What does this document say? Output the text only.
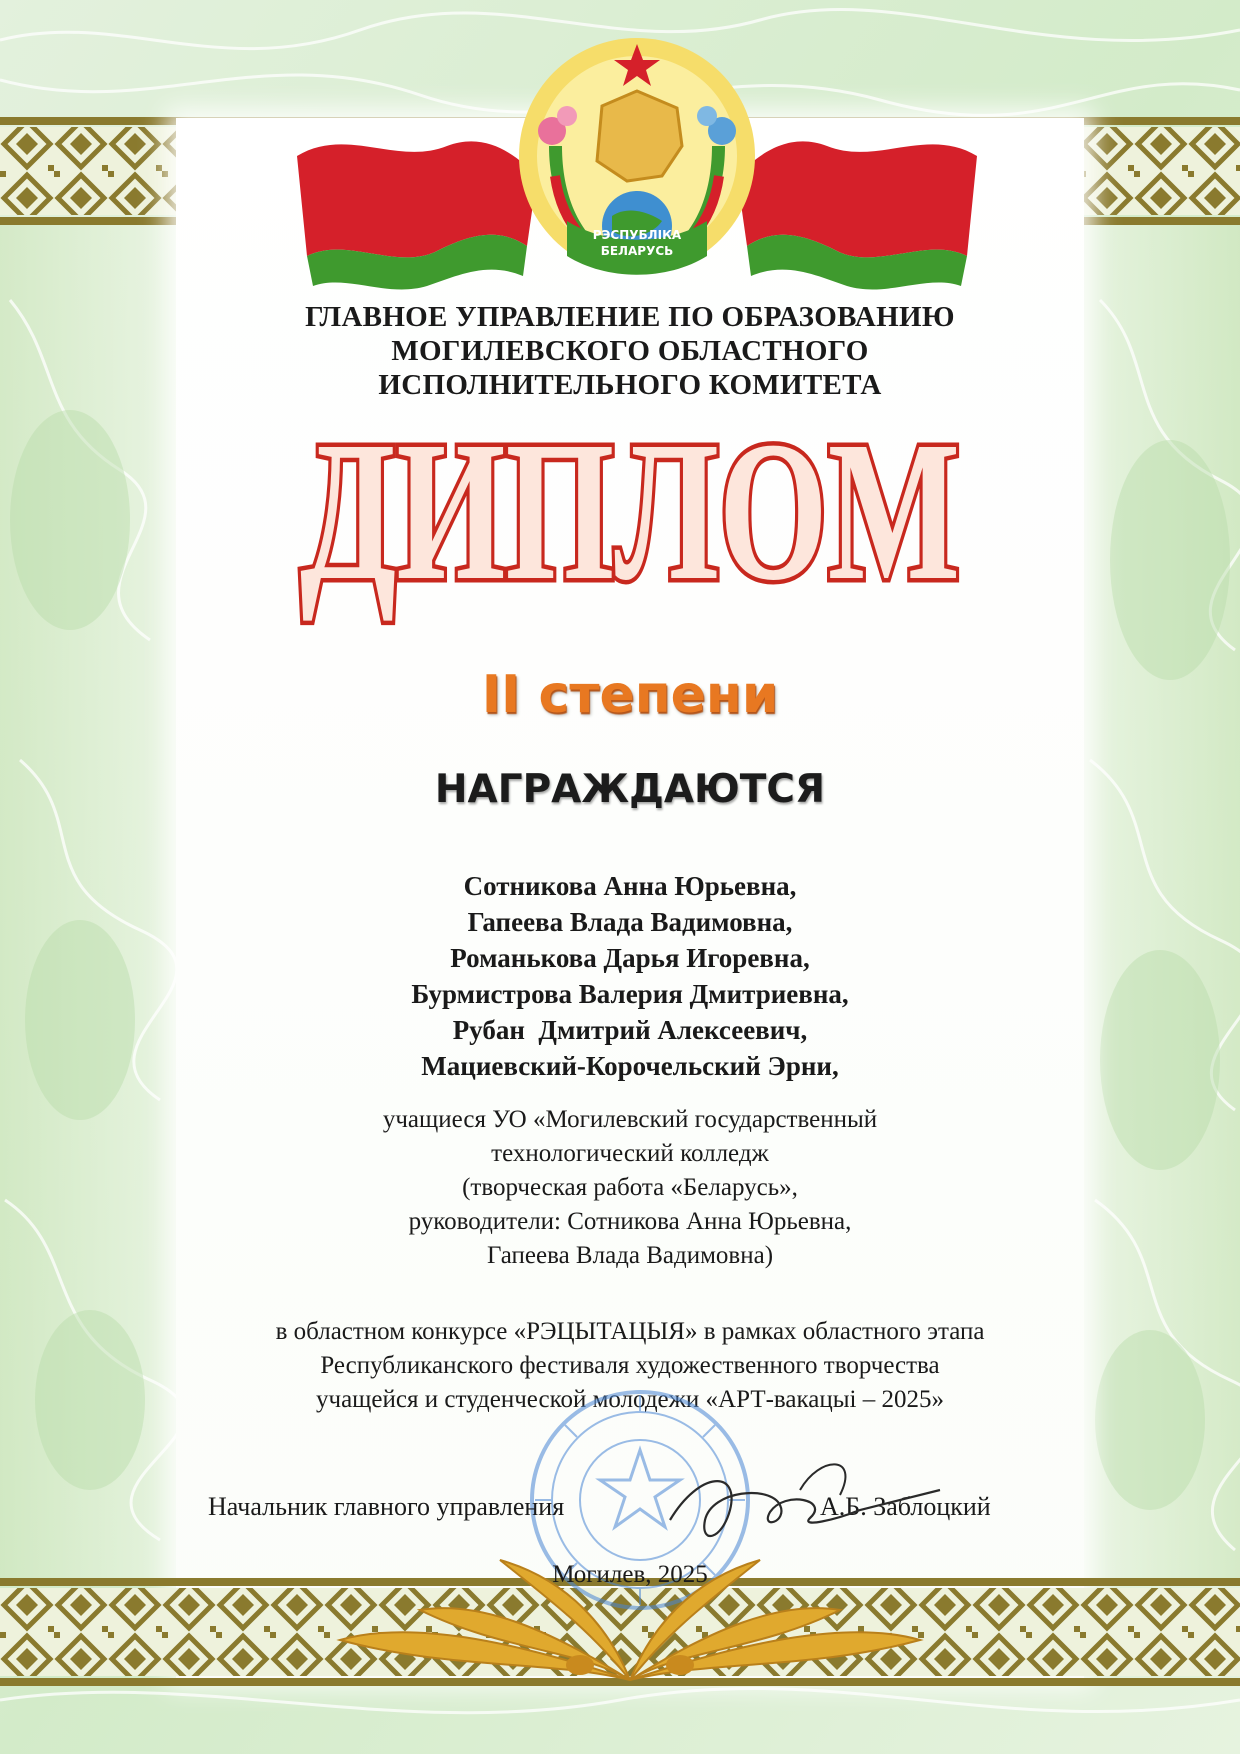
РЭСПУБЛІКА
БЕЛАРУСЬ
ГЛАВНОЕ УПРАВЛЕНИЕ ПО ОБРАЗОВАНИЮ
МОГИЛЕВСКОГО ОБЛАСТНОГО
ИСПОЛНИТЕЛЬНОГО КОМИТЕТА
ДИПЛОМ
II степени
НАГРАЖДАЮТСЯ
Сотникова Анна Юрьевна,
Гапеева Влада Вадимовна,
Романькова Дарья Игоревна,
Бурмистрова Валерия Дмитриевна,
Рубан  Дмитрий Алексеевич,
Мациевский-Корочельский Эрни,
учащиеся УО «Могилевский государственный
технологический колледж
(творческая работа «Беларусь»,
руководители: Сотникова Анна Юрьевна,
Гапеева Влада Вадимовна)
в областном конкурсе «РЭЦЫТАЦЫЯ» в рамках областного этапа
Республиканского фестиваля художественного творчества
учащейся и студенческой молодежи «АРТ-вакацыі – 2025»
Начальник главного управления	А.Б. Заблоцкий
Могилев, 2025
